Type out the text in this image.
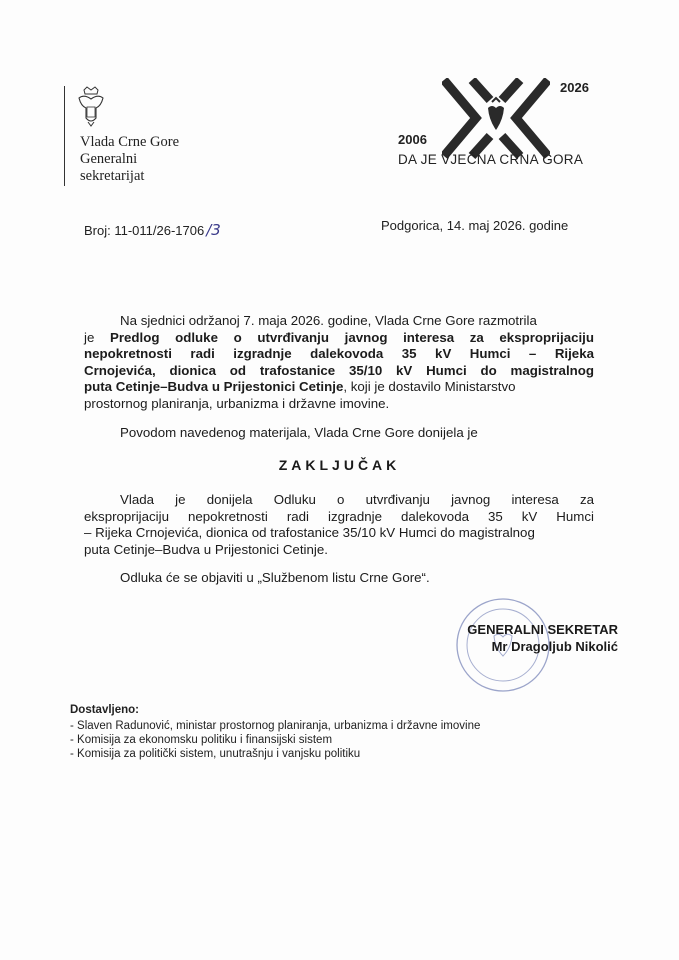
Vlada Crne Gore
Generalni
sekretarijat
2026
2006
DA JE VJEČNA CRNA GORA
Broj: 11-011/26-1706 /3	Podgorica, 14. maj 2026. godine
Na sjednici održanoj 7. maja 2026. godine, Vlada Crne Gore razmotrila
je Predlog odluke o utvrđivanju javnog interesa za eksproprijaciju
nepokretnosti radi izgradnje dalekovoda 35 kV Humci – Rijeka
Crnojevića, dionica od trafostanice 35/10 kV Humci do magistralnog
puta Cetinje–Budva u Prijestonici Cetinje, koji je dostavilo Ministarstvo
prostornog planiranja, urbanizma i državne imovine.
Povodom navedenog materijala, Vlada Crne Gore donijela je
ZAKLJUČAK
Vlada je donijela Odluku o utvrđivanju javnog interesa za
eksproprijaciju nepokretnosti radi izgradnje dalekovoda 35 kV Humci
– Rijeka Crnojevića, dionica od trafostanice 35/10 kV Humci do magistralnog
puta Cetinje–Budva u Prijestonici Cetinje.
Odluka će se objaviti u „Službenom listu Crne Gore“.
GENERALNI SEKRETAR
Mr Dragoljub Nikolić
Dostavljeno:
- Slaven Radunović, ministar prostornog planiranja, urbanizma i državne imovine
- Komisija za ekonomsku politiku i finansijski sistem
- Komisija za politički sistem, unutrašnju i vanjsku politiku
